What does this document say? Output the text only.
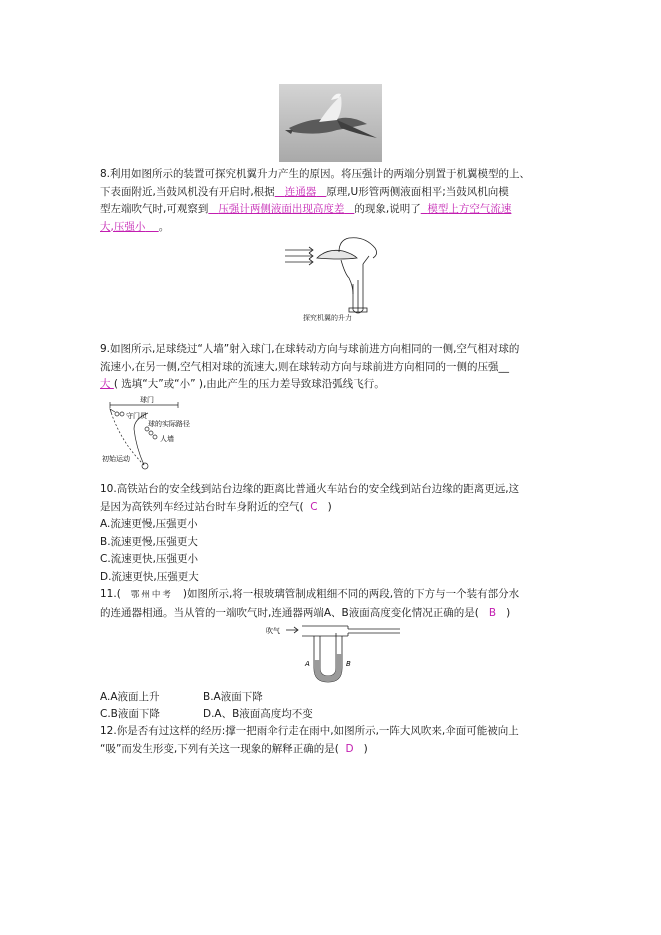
8.利用如图所示的装置可探究机翼升力产生的原因。将压强计的两端分别置于机翼模型的上、
下表面附近,当鼓风机没有开启时,根据 连通器 原理,U形管两侧液面相平;当鼓风机向模
型左端吹气时,可观察到 压强计两侧液面出现高度差 的现象,说明了 模型上方空气流速
大,压强小 。
探究机翼的升力
9.如图所示,足球绕过“人墙”射入球门,在球转动方向与球前进方向相同的一侧,空气相对球的
流速小,在另一侧,空气相对球的流速大,则在球转动方向与球前进方向相同的一侧的压强__
大 ( 选填“大”或“小” ),由此产生的压力差导致球沿弧线飞行。
球门
守门员
球的实际路径
人墙
初始运动
10.高铁站台的安全线到站台边缘的距离比普通火车站台的安全线到站台边缘的距离更远,这
是因为高铁列车经过站台时车身附近的空气( C   )
A.流速更慢,压强更小
B.流速更慢,压强更大
C.流速更快,压强更小
D.流速更快,压强更大
11.( 鄂州中考 )如图所示,将一根玻璃管制成粗细不同的两段,管的下方与一个装有部分水
的连通器相通。当从管的一端吹气时,连通器两端A、B液面高度变化情况正确的是( B   )
吹气
A	B
A.A液面上升	B.A液面下降
C.B液面下降	D.A、B液面高度均不变
12.你是否有过这样的经历:撑一把雨伞行走在雨中,如图所示,一阵大风吹来,伞面可能被向上
“吸”而发生形变,下列有关这一现象的解释正确的是( D   )
